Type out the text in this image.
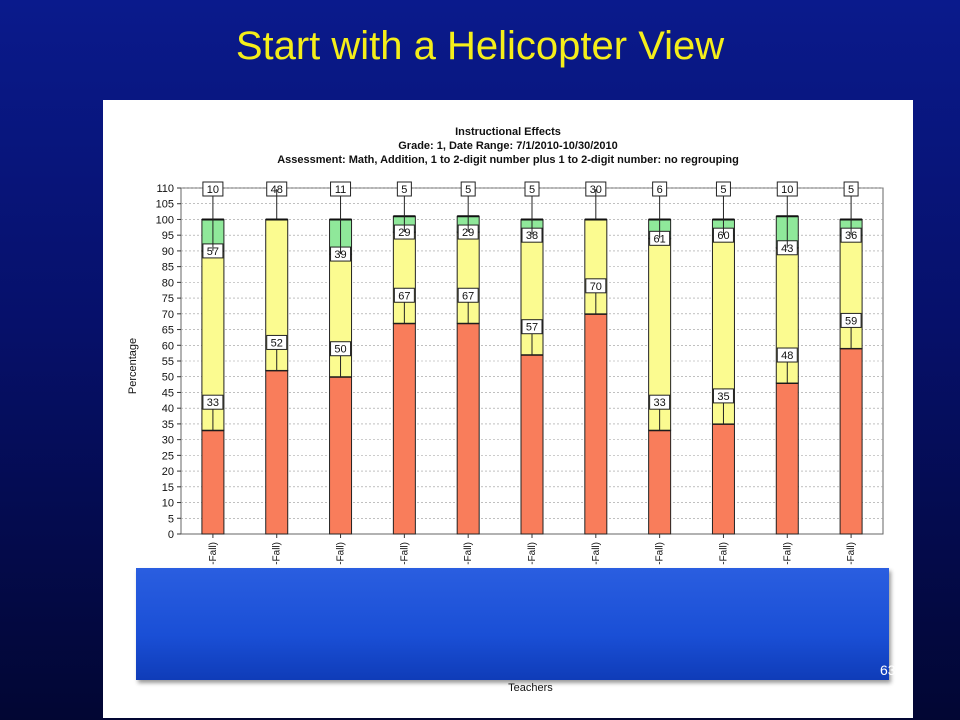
Start with a Helicopter View
Instructional Effects
Grade: 1, Date Range: 7/1/2010-10/30/2010
Assessment: Math, Addition, 1 to 2-digit number plus 1 to 2-digit number: no regrouping
0
5
10
15
20
25
30
35
40
45
50
55
60
65
70
75
80
85
90
95
100
105
110
Percentage
-Fall)
33
57
10
-Fall)
52
48
-Fall)
50
39
11
-Fall)
67
29
5
-Fall)
67
29
5
-Fall)
57
38
5
-Fall)
70
30
-Fall)
33
61
6
-Fall)
35
60
5
-Fall)
48
43
10
-Fall)
59
36
5
63
Teachers
